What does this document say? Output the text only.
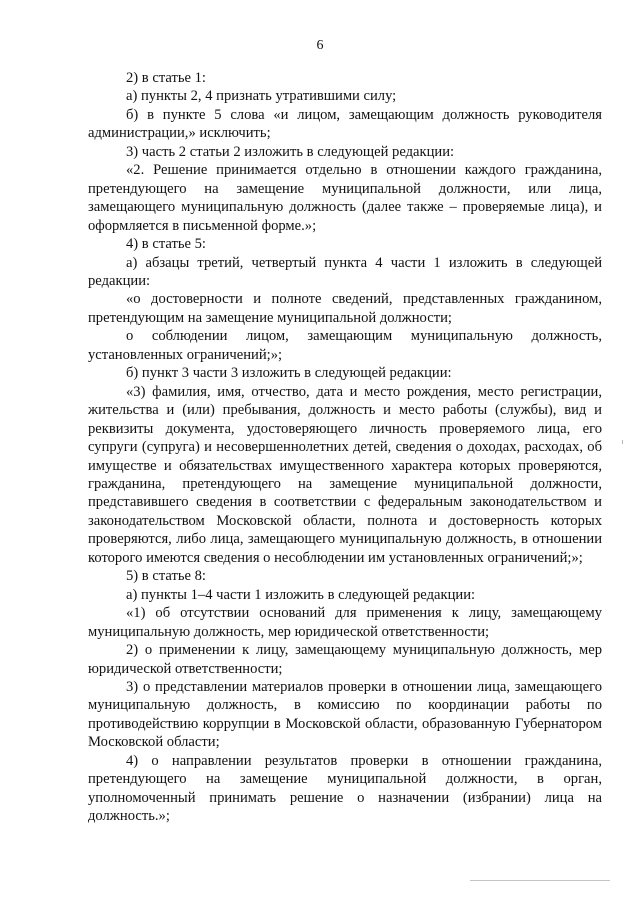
6

2) в статье 1:

а) пункты 2, 4 признать утратившими силу;

б) в пункте 5 слова «и лицом, замещающим должность руководителя администрации,» исключить;

3) часть 2 статьи 2 изложить в следующей редакции:

«2. Решение принимается отдельно в отношении каждого гражданина, претендующего на замещение муниципальной должности, или лица, замещающего муниципальную должность (далее также – проверяемые лица), и оформляется в письменной форме.»;

4) в статье 5:

а) абзацы третий, четвертый пункта 4 части 1 изложить в следующей редакции:

«о достоверности и полноте сведений, представленных гражданином, претендующим на замещение муниципальной должности;

о соблюдении лицом, замещающим муниципальную должность, установленных ограничений;»;

б) пункт 3 части 3 изложить в следующей редакции:

«3) фамилия, имя, отчество, дата и место рождения, место регистрации, жительства и (или) пребывания, должность и место работы (службы), вид и реквизиты документа, удостоверяющего личность проверяемого лица, его супруги (супруга) и несовершеннолетних детей, сведения о доходах, расходах, об имуществе и обязательствах имущественного характера которых проверяются, гражданина, претендующего на замещение муниципальной должности, представившего сведения в соответствии с федеральным законодательством и законодательством Московской области, полнота и достоверность которых проверяются, либо лица, замещающего муниципальную должность, в отношении которого имеются сведения о несоблюдении им установленных ограничений;»;

5) в статье 8:

а) пункты 1–4 части 1 изложить в следующей редакции:

«1) об отсутствии оснований для применения к лицу, замещающему муниципальную должность, мер юридической ответственности;

2) о применении к лицу, замещающему муниципальную должность, мер юридической ответственности;

3) о представлении материалов проверки в отношении лица, замещающего муниципальную должность, в комиссию по координации работы по противодействию коррупции в Московской области, образованную Губернатором Московской области;

4) о направлении результатов проверки в отношении гражданина, претендующего на замещение муниципальной должности, в орган, уполномоченный принимать решение о назначении (избрании) лица на должность.»;
